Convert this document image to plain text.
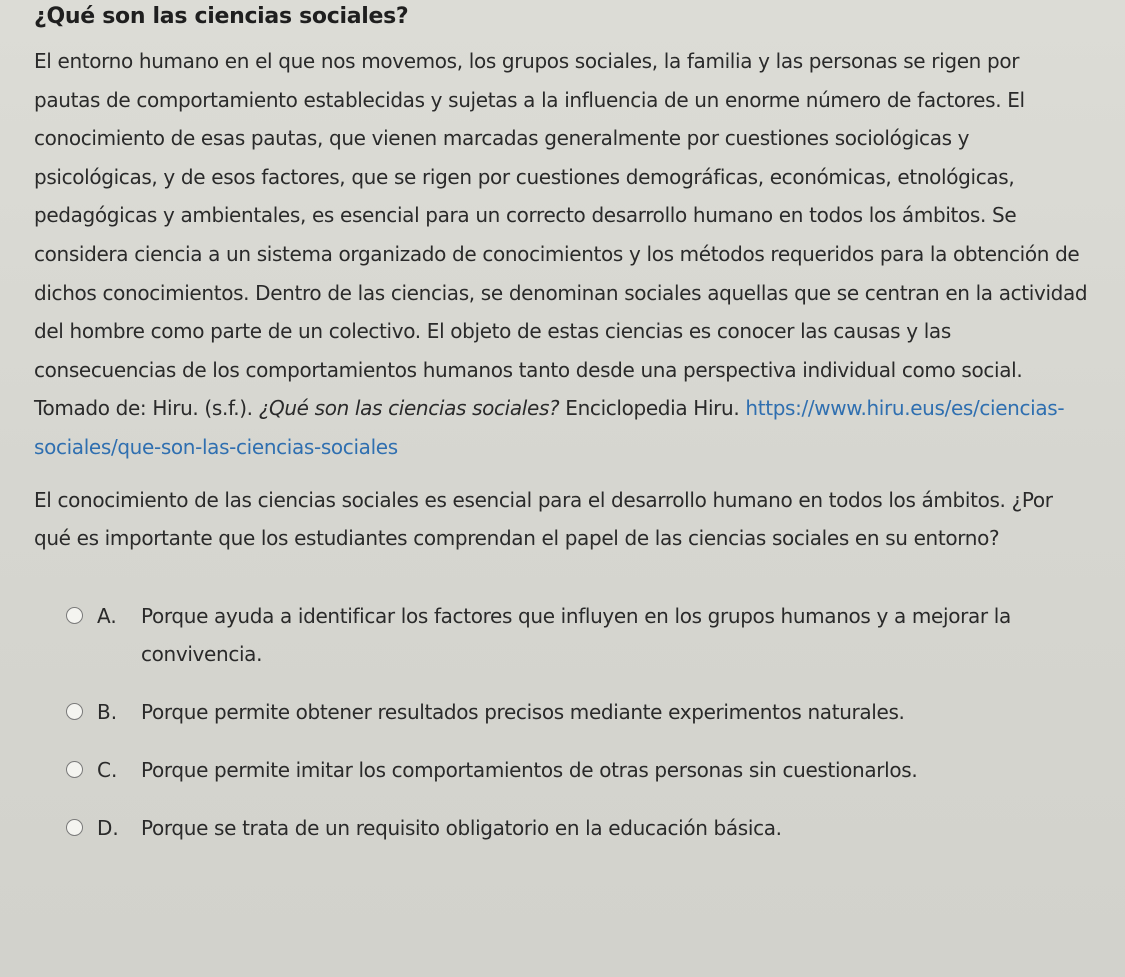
¿Qué son las ciencias sociales?
El entorno humano en el que nos movemos, los grupos sociales, la familia y las personas se rigen por pautas de comportamiento establecidas y sujetas a la influencia de un enorme número de factores. El conocimiento de esas pautas, que vienen marcadas generalmente por cuestiones sociológicas y psicológicas, y de esos factores, que se rigen por cuestiones demográficas, económicas, etnológicas, pedagógicas y ambientales, es esencial para un correcto desarrollo humano en todos los ámbitos. Se considera ciencia a un sistema organizado de conocimientos y los métodos requeridos para la obtención de dichos conocimientos. Dentro de las ciencias, se denominan sociales aquellas que se centran en la actividad del hombre como parte de un colectivo. El objeto de estas ciencias es conocer las causas y las consecuencias de los comportamientos humanos tanto desde una perspectiva individual como social. Tomado de: Hiru. (s.f.). ¿Qué son las ciencias sociales? Enciclopedia Hiru. https://www.hiru.eus/es/ciencias-sociales/que-son-las-ciencias-sociales
El conocimiento de las ciencias sociales es esencial para el desarrollo humano en todos los ámbitos. ¿Por qué es importante que los estudiantes comprendan el papel de las ciencias sociales en su entorno?
A.	Porque ayuda a identificar los factores que influyen en los grupos humanos y a mejorar la convivencia.
B.	Porque permite obtener resultados precisos mediante experimentos naturales.
C.	Porque permite imitar los comportamientos de otras personas sin cuestionarlos.
D.	Porque se trata de un requisito obligatorio en la educación básica.
